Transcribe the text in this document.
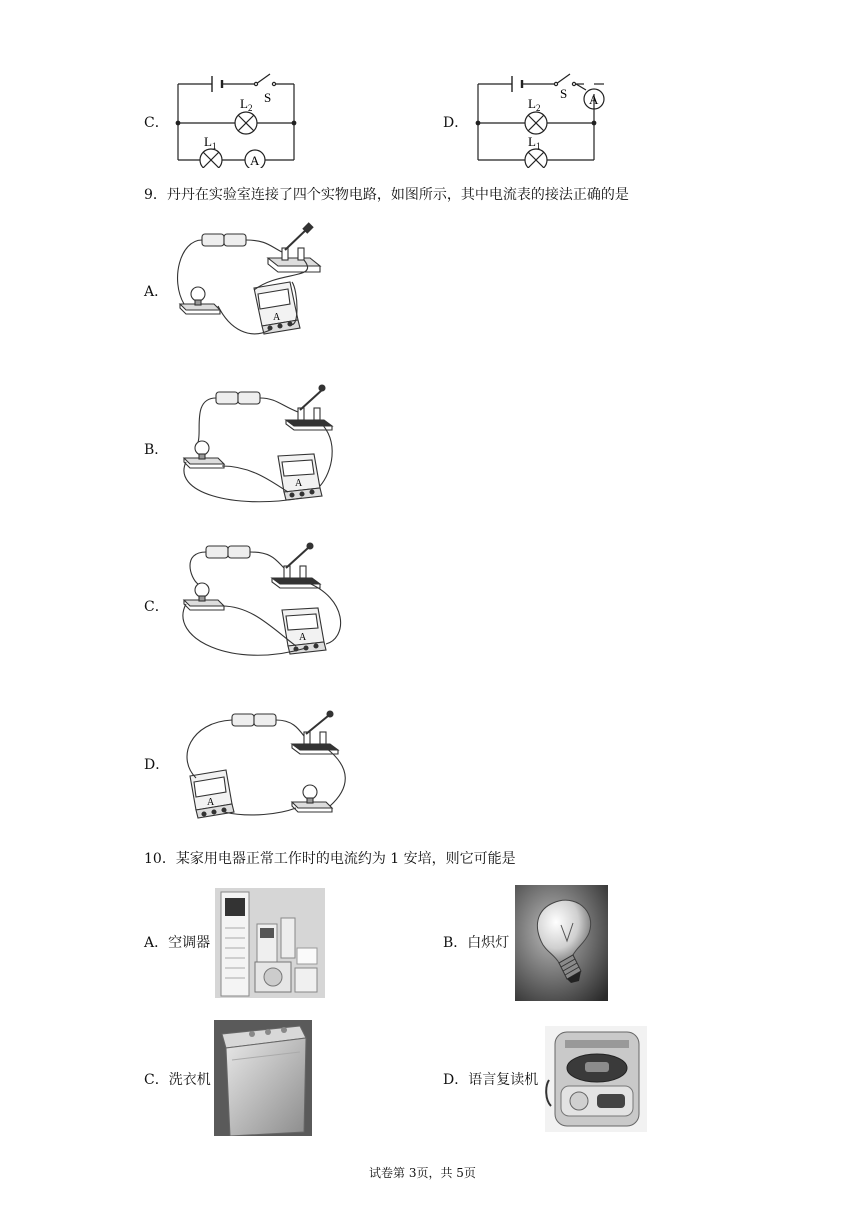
C．
S
L 2
L 1
A
D．
S A
L 2
L 1
9．丹丹在实验室连接了四个实物电路，如图所示，其中电流表的接法正确的是
A．
A
B．
A
C．
A
D．
A
10．某家用电器正常工作时的电流约为 1 安培，则它可能是
A．空调器	B．白炽灯
C．洗衣机	D．语言复读机
试卷第 3页，共 5页
